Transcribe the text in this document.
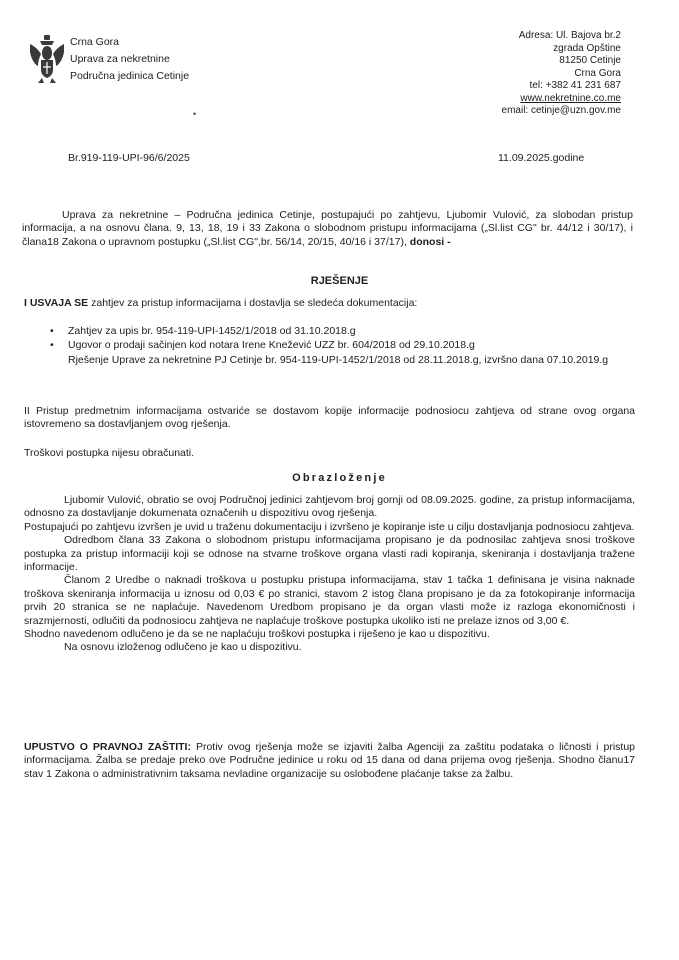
Crna Gora
Uprava za nekretnine
Područna jedinica Cetinje
Adresa: Ul. Bajova br.2
zgrada Opštine
81250 Cetinje
Crna Gora
tel: +382 41 231 687
www.nekretnine.co.me
email: cetinje@uzn.gov.me
•
Br.919-119-UPI-96/6/2025	11.09.2025.godine

Uprava za nekretnine – Područna jedinica Cetinje, postupajući po zahtjevu, Ljubomir Vulović, za slobodan pristup informacija, a na osnovu člana. 9, 13, 18, 19 i 33 Zakona o slobodnom pristupu informacijama („Sl.list CG" br. 44/12 i 30/17), i člana18 Zakona o upravnom postupku („Sl.list CG",br. 56/14, 20/15, 40/16 i 37/17), donosi -

RJEŠENJE

I USVAJA SE zahtjev za pristup informacijama i dostavlja se sledeća dokumentacija:

• Zahtjev za upis br. 954-119-UPI-1452/1/2018 od 31.10.2018.g
• Ugovor o prodaji sačinjen kod notara Irene Knežević UZZ br. 604/2018 od 29.10.2018.g
Rješenje Uprave za nekretnine PJ Cetinje br. 954-119-UPI-1452/1/2018 od 28.11.2018.g, izvršno dana 07.10.2019.g

II Pristup predmetnim informacijama ostvariće se dostavom kopije informacije podnosiocu zahtjeva od strane ovog organa istovremeno sa dostavljanjem ovog rješenja.

Troškovi postupka nijesu obračunati.

Obrazloženje

Ljubomir Vulović, obratio se ovoj Područnoj jedinici zahtjevom broj gornji od 08.09.2025. godine, za pristup informacijama, odnosno za dostavljanje dokumenata označenih u dispozitivu ovog rješenja.

Postupajući po zahtjevu izvršen je uvid u traženu dokumentaciju i izvršeno je kopiranje iste u cilju dostavljanja podnosiocu zahtjeva.

Odredbom člana 33 Zakona o slobodnom pristupu informacijama propisano je da podnosilac zahtjeva snosi troškove postupka za pristup informaciji koji se odnose na stvarne troškove organa vlasti radi kopiranja, skeniranja i dostavljanja tražene informacije.

Članom 2 Uredbe o naknadi troškova u postupku pristupa informacijama, stav 1 tačka 1 definisana je visina naknade troškova skeniranja informacija u iznosu od 0,03 € po stranici, stavom 2 istog člana propisano je da za fotokopiranje informacija prvih 20 stranica se ne naplaćuje. Navedenom Uredbom propisano je da organ vlasti može iz razloga ekonomičnosti i srazmjernosti, odlučiti da podnosiocu zahtjeva ne naplaćuje troškove postupka ukoliko isti ne prelaze iznos od 3,00 €.

Shodno navedenom odlučeno je da se ne naplaćuju troškovi postupka i riješeno je kao u dispozitivu.

Na osnovu izloženog odlučeno je kao u dispozitivu.

UPUSTVO O PRAVNOJ ZAŠTITI: Protiv ovog rješenja može se izjaviti žalba Agenciji za zaštitu podataka o ličnosti i pristup informacijama. Žalba se predaje preko ove Područne jedinice u roku od 15 dana od dana prijema ovog rješenja. Shodno članu17 stav 1 Zakona o administrativnim taksama nevladine organizacije su oslobođene plaćanje takse za žalbu.
